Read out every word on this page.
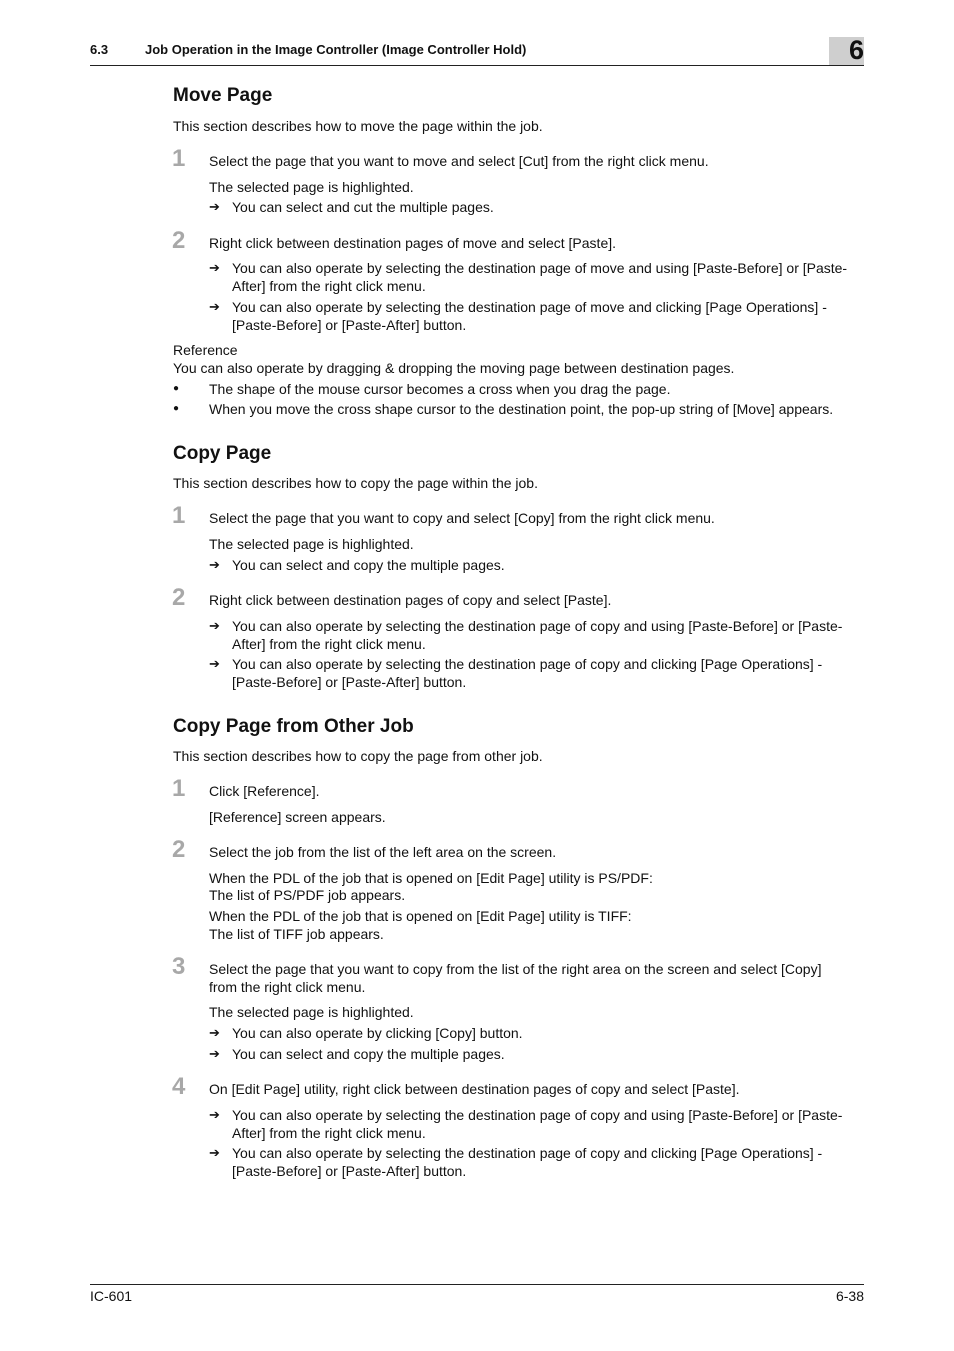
6.3	Job Operation in the Image Controller (Image Controller Hold)	6
Move Page
This section describes how to move the page within the job.
1 Select the page that you want to move and select [Cut] from the right click menu.
The selected page is highlighted.
➔ You can select and cut the multiple pages.
2 Right click between destination pages of move and select [Paste].
➔ You can also operate by selecting the destination page of move and using [Paste-Before] or [Paste-
After] from the right click menu.
➔ You can also operate by selecting the destination page of move and clicking [Page Operations] -
[Paste-Before] or [Paste-After] button.
Reference
You can also operate by dragging & dropping the moving page between destination pages.
● The shape of the mouse cursor becomes a cross when you drag the page.
● When you move the cross shape cursor to the destination point, the pop-up string of [Move] appears.
Copy Page
This section describes how to copy the page within the job.
1 Select the page that you want to copy and select [Copy] from the right click menu.
The selected page is highlighted.
➔ You can select and copy the multiple pages.
2 Right click between destination pages of copy and select [Paste].
➔ You can also operate by selecting the destination page of copy and using [Paste-Before] or [Paste-
After] from the right click menu.
➔ You can also operate by selecting the destination page of copy and clicking [Page Operations] -
[Paste-Before] or [Paste-After] button.
Copy Page from Other Job
This section describes how to copy the page from other job.
1 Click [Reference].
[Reference] screen appears.
2 Select the job from the list of the left area on the screen.
When the PDL of the job that is opened on [Edit Page] utility is PS/PDF:
The list of PS/PDF job appears.
When the PDL of the job that is opened on [Edit Page] utility is TIFF:
The list of TIFF job appears.
3 Select the page that you want to copy from the list of the right area on the screen and select [Copy]
from the right click menu.
The selected page is highlighted.
➔ You can also operate by clicking [Copy] button.
➔ You can select and copy the multiple pages.
4 On [Edit Page] utility, right click between destination pages of copy and select [Paste].
➔ You can also operate by selecting the destination page of copy and using [Paste-Before] or [Paste-
After] from the right click menu.
➔ You can also operate by selecting the destination page of copy and clicking [Page Operations] -
[Paste-Before] or [Paste-After] button.
IC-601	6-38
